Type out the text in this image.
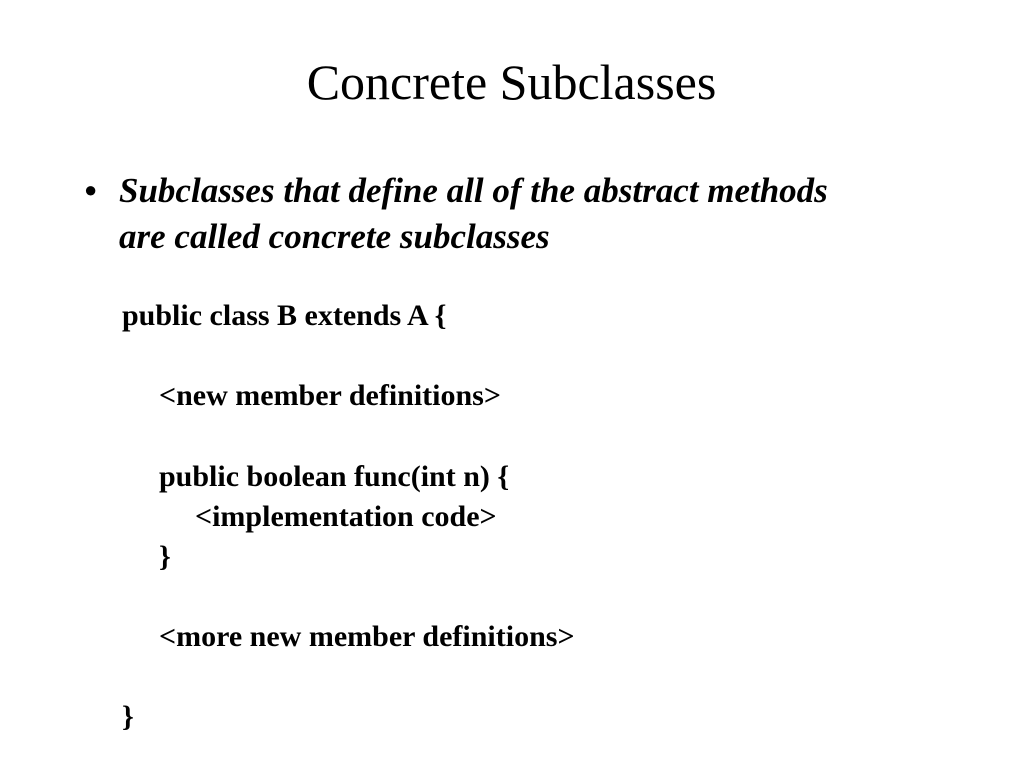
Concrete Subclasses
● Subclasses that define all of the abstract methods are called concrete subclasses
public class B extends A {
<new member definitions>
public boolean func(int n) {
<implementation code>
}
<more new member definitions>
}
